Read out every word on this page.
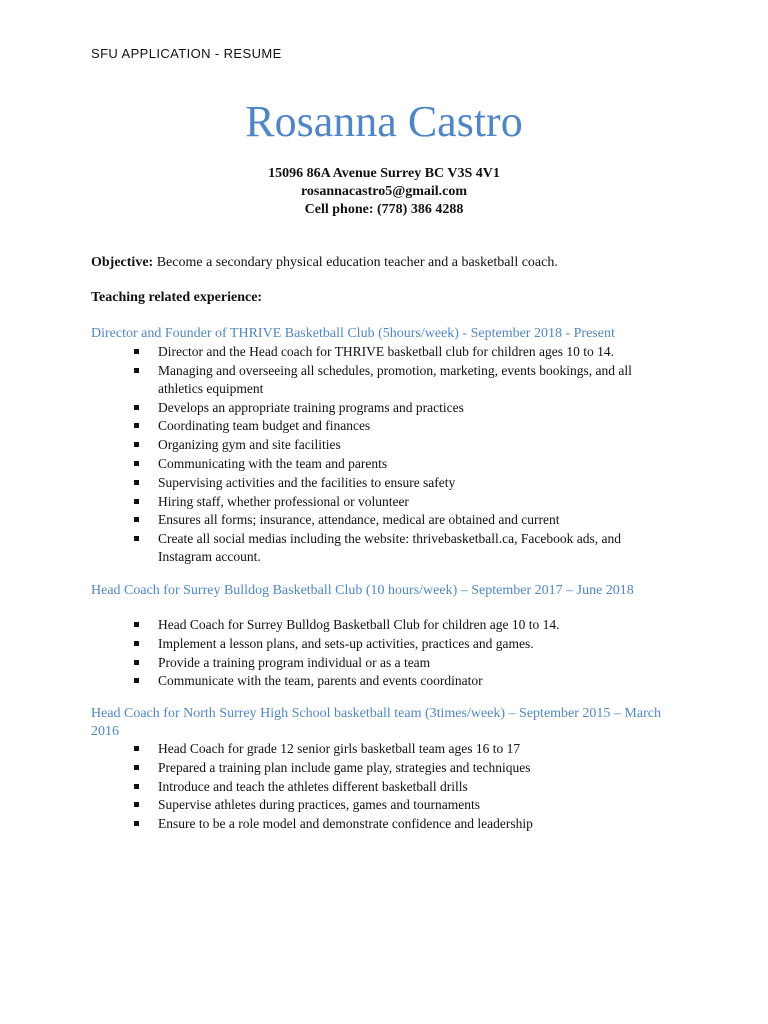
SFU APPLICATION - RESUME
Rosanna Castro
15096 86A Avenue Surrey BC V3S 4V1
rosannacastro5@gmail.com
Cell phone: (778) 386 4288
Objective: Become a secondary physical education teacher and a basketball coach.
Teaching related experience:
Director and Founder of THRIVE Basketball Club (5hours/week) - September 2018 - Present
Director and the Head coach for THRIVE basketball club for children ages 10 to 14.
Managing and overseeing all schedules, promotion, marketing, events bookings, and all athletics equipment
Develops an appropriate training programs and practices
Coordinating team budget and finances
Organizing gym and site facilities
Communicating with the team and parents
Supervising activities and the facilities to ensure safety
Hiring staff, whether professional or volunteer
Ensures all forms; insurance, attendance, medical are obtained and current
Create all social medias including the website: thrivebasketball.ca, Facebook ads, and Instagram account.
Head Coach for Surrey Bulldog Basketball Club (10 hours/week) – September 2017 – June 2018
Head Coach for Surrey Bulldog Basketball Club for children age 10 to 14.
Implement a lesson plans, and sets-up activities, practices and games.
Provide a training program individual or as a team
Communicate with the team, parents and events coordinator
Head Coach for North Surrey High School basketball team (3times/week) – September 2015 – March 2016
Head Coach for grade 12 senior girls basketball team ages 16 to 17
Prepared a training plan include game play, strategies and techniques
Introduce and teach the athletes different basketball drills
Supervise athletes during practices, games and tournaments
Ensure to be a role model and demonstrate confidence and leadership
